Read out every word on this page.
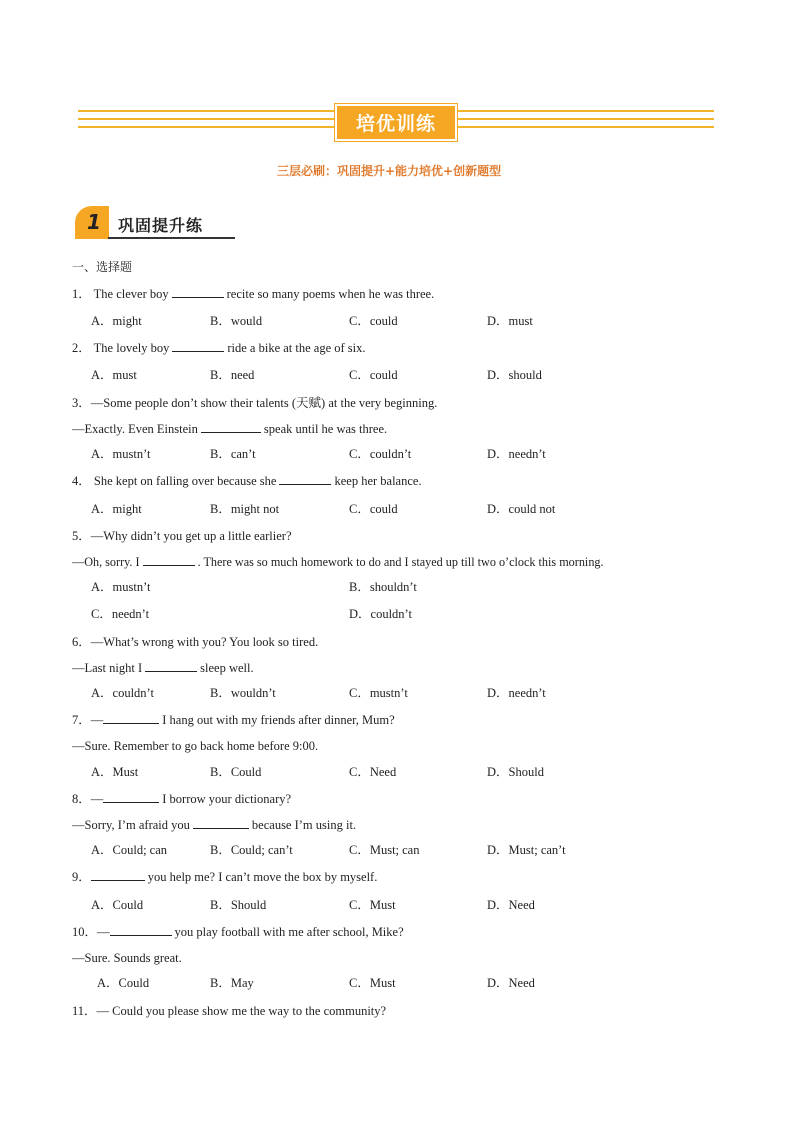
培优训练
三层必刷：巩固提升+能力培优+创新题型
1 巩固提升练
一、选择题
1． The clever boy	recite so many poems when he was three.
A．might	B．would	C．could	D．must
2． The lovely boy	ride a bike at the age of six.
A．must	B．need	C．could	D．should
3．—Some people don’t show their talents (天赋) at the very beginning.
—Exactly. Even Einstein	speak until he was three.
A．mustn’t	B．can’t	C．couldn’t	D．needn’t
4． She kept on falling over because she	keep her balance.
A．might	B．might not	C．could	D．could not
5．—Why didn’t you get up a little earlier?
—Oh, sorry. I	. There was so much homework to do and I stayed up till two o’clock this morning.
A．mustn’t	B．shouldn’t
C．needn’t	D．couldn’t
6．—What’s wrong with you? You look so tired.
—Last night I	sleep well.
A．couldn’t	B．wouldn’t	C．mustn’t	D．needn’t
7．—	I hang out with my friends after dinner, Mum?
—Sure. Remember to go back home before 9:00.
A．Must	B．Could	C．Need	D．Should
8．—	I borrow your dictionary?
—Sorry, I’m afraid you	because I’m using it.
A．Could; can	B．Could; can’t	C．Must; can	D．Must; can’t
9．	you help me? I can’t move the box by myself.
A．Could	B．Should	C．Must	D．Need
10．—	you play football with me after school, Mike?
—Sure. Sounds great.
A．Could	B．May	C．Must	D．Need
11．— Could you please show me the way to the community?
